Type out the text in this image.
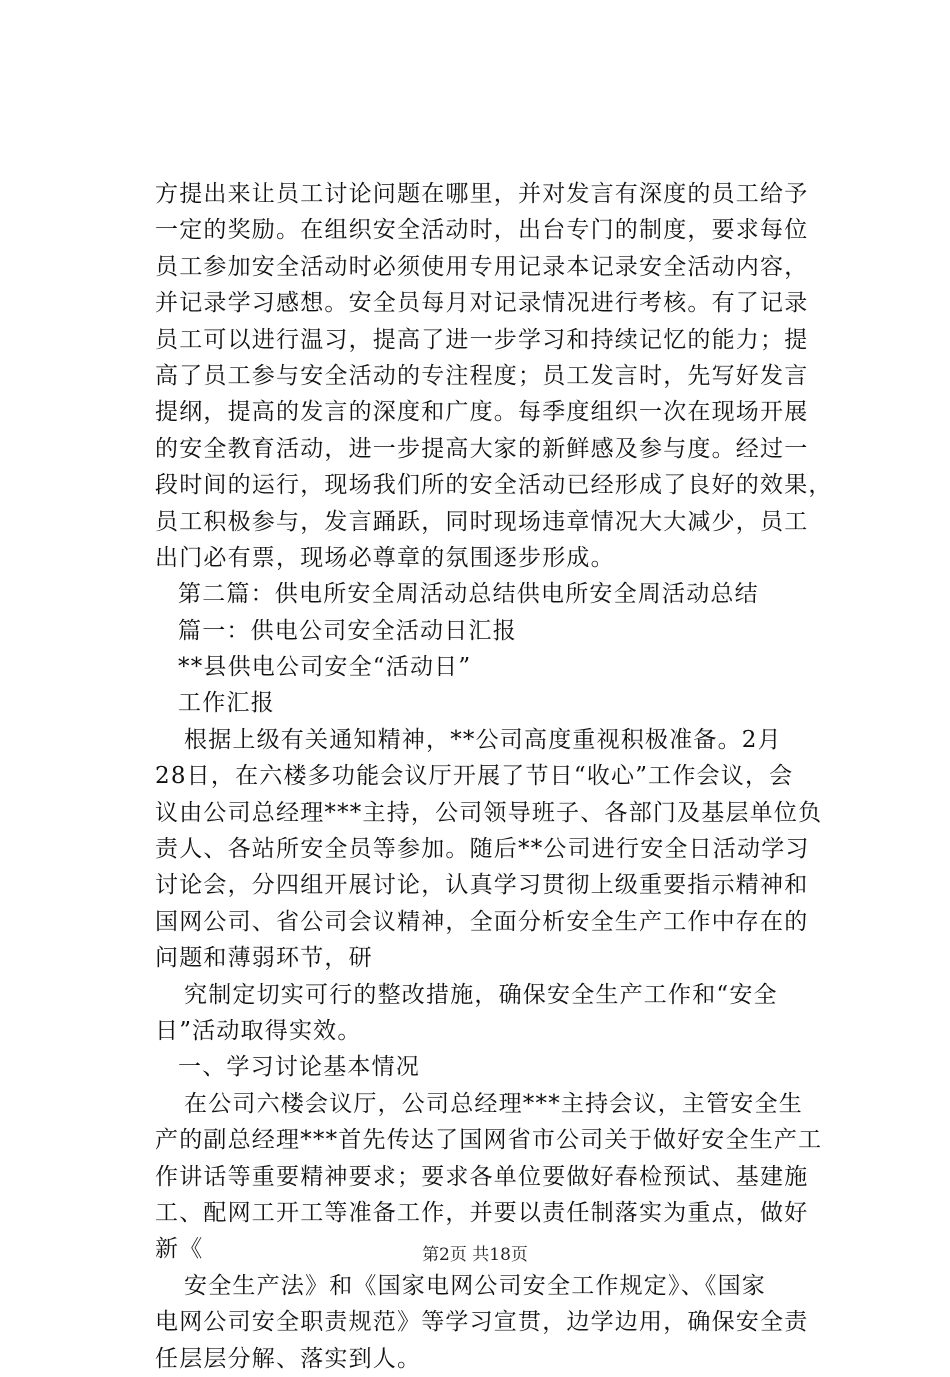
方提出来让员工讨论问题在哪里，并对发言有深度的员工给予
一定的奖励。在组织安全活动时，出台专门的制度，要求每位
员工参加安全活动时必须使用专用记录本记录安全活动内容，
并记录学习感想。安全员每月对记录情况进行考核。有了记录
员工可以进行温习，提高了进一步学习和持续记忆的能力；提
高了员工参与安全活动的专注程度；员工发言时，先写好发言
提纲，提高的发言的深度和广度。每季度组织一次在现场开展
的安全教育活动，进一步提高大家的新鲜感及参与度。经过一
段时间的运行，现场我们所的安全活动已经形成了良好的效果，
员工积极参与，发言踊跃，同时现场违章情况大大减少，员工
出门必有票，现场必尊章的氛围逐步形成。
第二篇：供电所安全周活动总结供电所安全周活动总结
篇一：供电公司安全活动日汇报
**县供电公司安全“活动日”
工作汇报
根据上级有关通知精神，**公司高度重视积极准备。2月
28日，在六楼多功能会议厅开展了节日“收心”工作会议，会
议由公司总经理***主持，公司领导班子、各部门及基层单位负
责人、各站所安全员等参加。随后**公司进行安全日活动学习
讨论会，分四组开展讨论，认真学习贯彻上级重要指示精神和
国网公司、省公司会议精神，全面分析安全生产工作中存在的
问题和薄弱环节，研
究制定切实可行的整改措施，确保安全生产工作和“安全
日”活动取得实效。
一、学习讨论基本情况
在公司六楼会议厅，公司总经理***主持会议，主管安全生
产的副总经理***首先传达了国网省市公司关于做好安全生产工
作讲话等重要精神要求；要求各单位要做好春检预试、基建施
工、配网工开工等准备工作，并要以责任制落实为重点，做好
新《
安全生产法》和《国家电网公司安全工作规定》、《国家
电网公司安全职责规范》等学习宣贯，边学边用，确保安全责
任层层分解、落实到人。
第2页 共18页
